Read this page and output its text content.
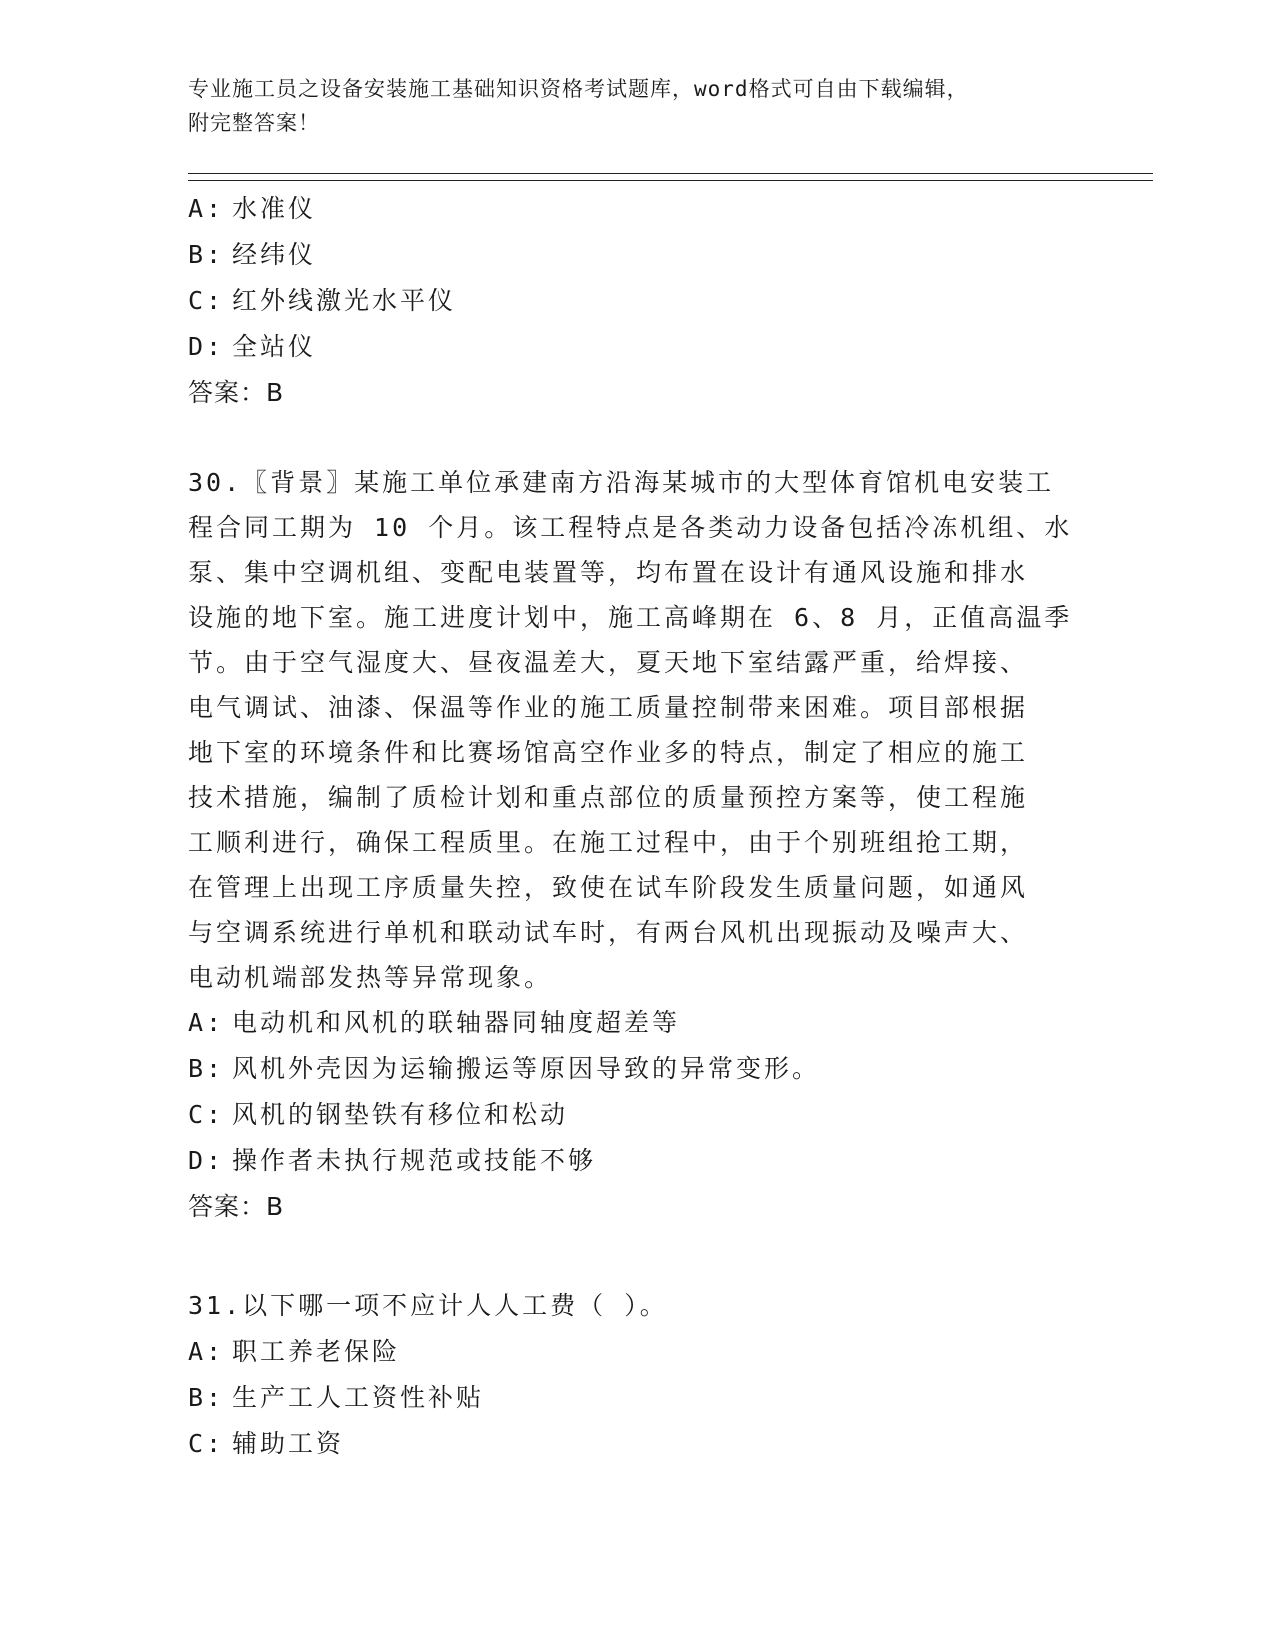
专业施工员之设备安装施工基础知识资格考试题库，word格式可自由下载编辑，
附完整答案！
A: 水准仪
B: 经纬仪
C: 红外线激光水平仪
D: 全站仪
答案：B
30.〖背景〗某施工单位承建南方沿海某城市的大型体育馆机电安装工
程合同工期为 10 个月。该工程特点是各类动力设备包括冷冻机组、水
泵、集中空调机组、变配电装置等，均布置在设计有通风设施和排水
设施的地下室。施工进度计划中，施工高峰期在 6、8 月，正值高温季
节。由于空气湿度大、昼夜温差大，夏天地下室结露严重，给焊接、
电气调试、油漆、保温等作业的施工质量控制带来困难。项目部根据
地下室的环境条件和比赛场馆高空作业多的特点，制定了相应的施工
技术措施，编制了质检计划和重点部位的质量预控方案等，使工程施
工顺利进行，确保工程质里。在施工过程中，由于个别班组抢工期，
在管理上出现工序质量失控，致使在试车阶段发生质量问题，如通风
与空调系统进行单机和联动试车时，有两台风机出现振动及噪声大、
电动机端部发热等异常现象。
A: 电动机和风机的联轴器同轴度超差等
B: 风机外壳因为运输搬运等原因导致的异常变形。
C: 风机的钢垫铁有移位和松动
D: 操作者未执行规范或技能不够
答案：B
31.以下哪一项不应计人人工费（ ）。
A: 职工养老保险
B: 生产工人工资性补贴
C: 辅助工资
